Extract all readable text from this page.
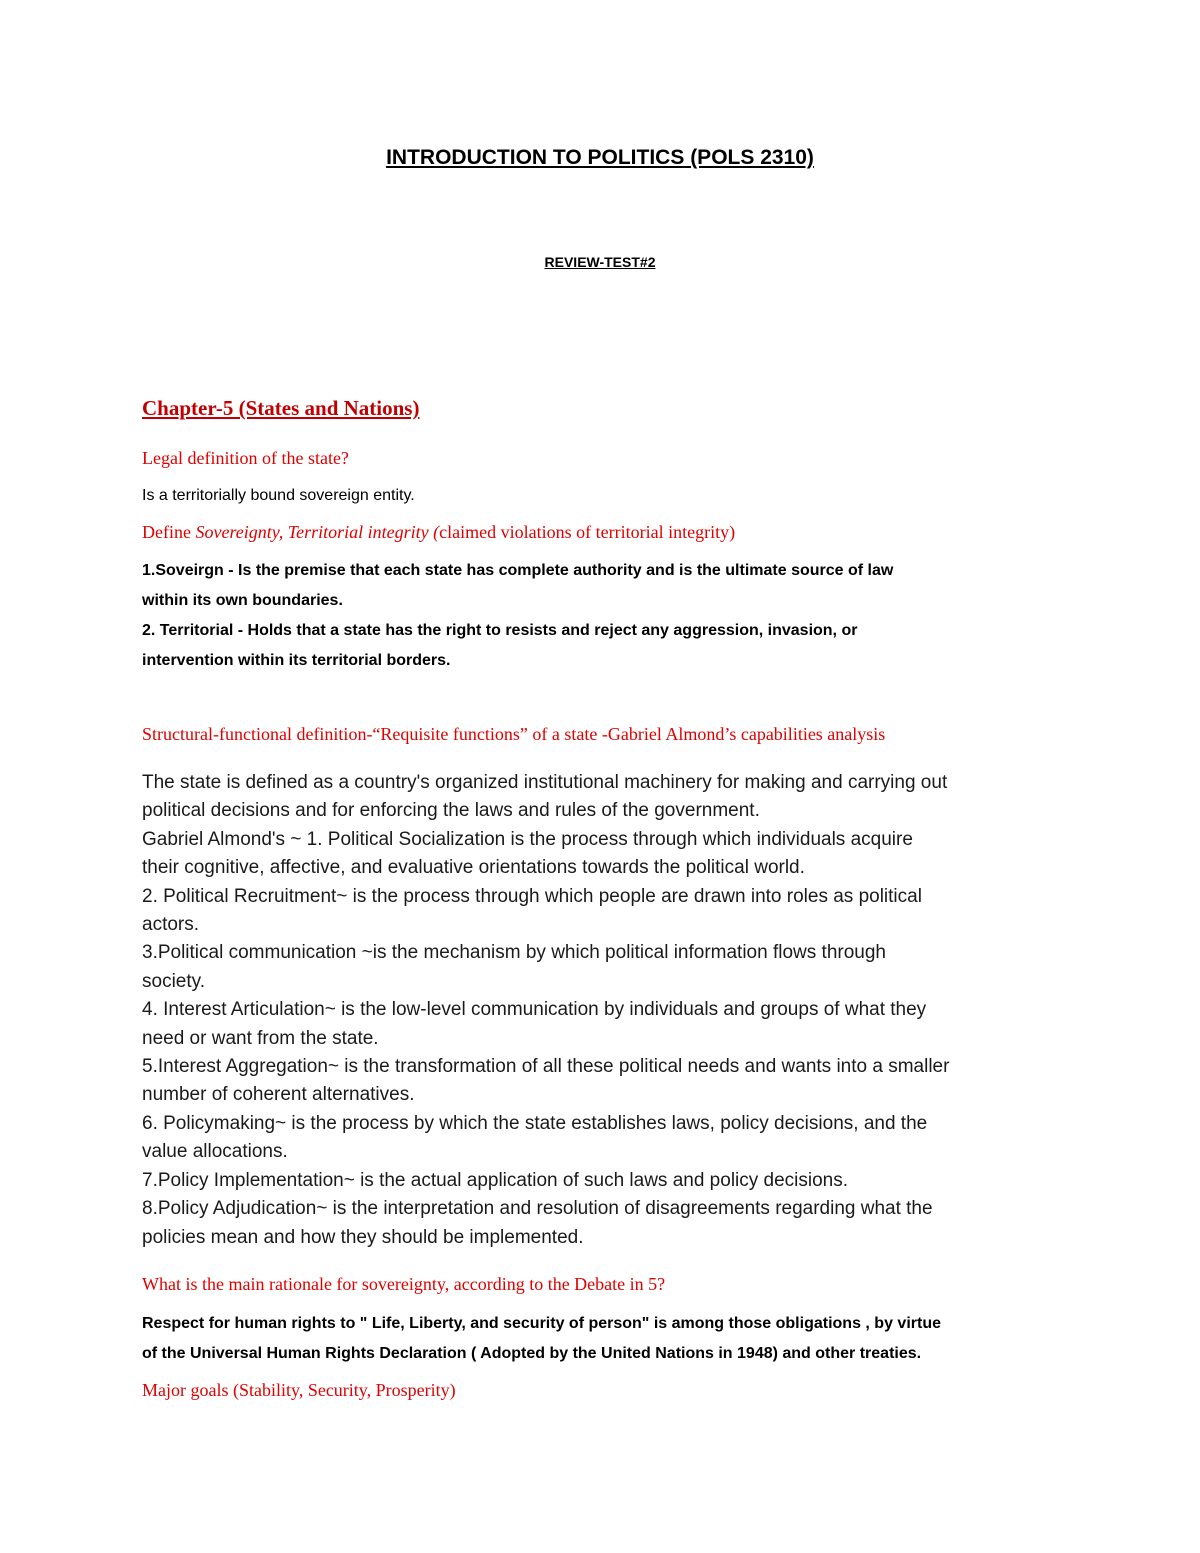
INTRODUCTION TO POLITICS (POLS 2310)
REVIEW-TEST#2
Chapter-5 (States and Nations)

Legal definition of the state?

Is a territorially bound sovereign entity.

Define Sovereignty, Territorial integrity (claimed violations of territorial integrity)

1.Soveirgn - Is the premise that each state has complete authority and is the ultimate source of law
within its own boundaries.
2. Territorial - Holds that a state has the right to resists and reject any aggression, invasion, or
intervention within its territorial borders.

Structural-functional definition-“Requisite functions” of a state -Gabriel Almond’s capabilities analysis

The state is defined as a country's organized institutional machinery for making and carrying out
political decisions and for enforcing the laws and rules of the government.
Gabriel Almond's ~ 1. Political Socialization is the process through which individuals acquire
their cognitive, affective, and evaluative orientations towards the political world.
2. Political Recruitment~ is the process through which people are drawn into roles as political
actors.
3.Political communication ~is the mechanism by which political information flows through
society.
4. Interest Articulation~ is the low-level communication by individuals and groups of what they
need or want from the state.
5.Interest Aggregation~ is the transformation of all these political needs and wants into a smaller
number of coherent alternatives.
6. Policymaking~ is the process by which the state establishes laws, policy decisions, and the
value allocations.
7.Policy Implementation~ is the actual application of such laws and policy decisions.
8.Policy Adjudication~ is the interpretation and resolution of disagreements regarding what the
policies mean and how they should be implemented.

What is the main rationale for sovereignty, according to the Debate in 5?

Respect for human rights to " Life, Liberty, and security of person" is among those obligations , by virtue
of the Universal Human Rights Declaration ( Adopted by the United Nations in 1948) and other treaties.

Major goals (Stability, Security, Prosperity)
